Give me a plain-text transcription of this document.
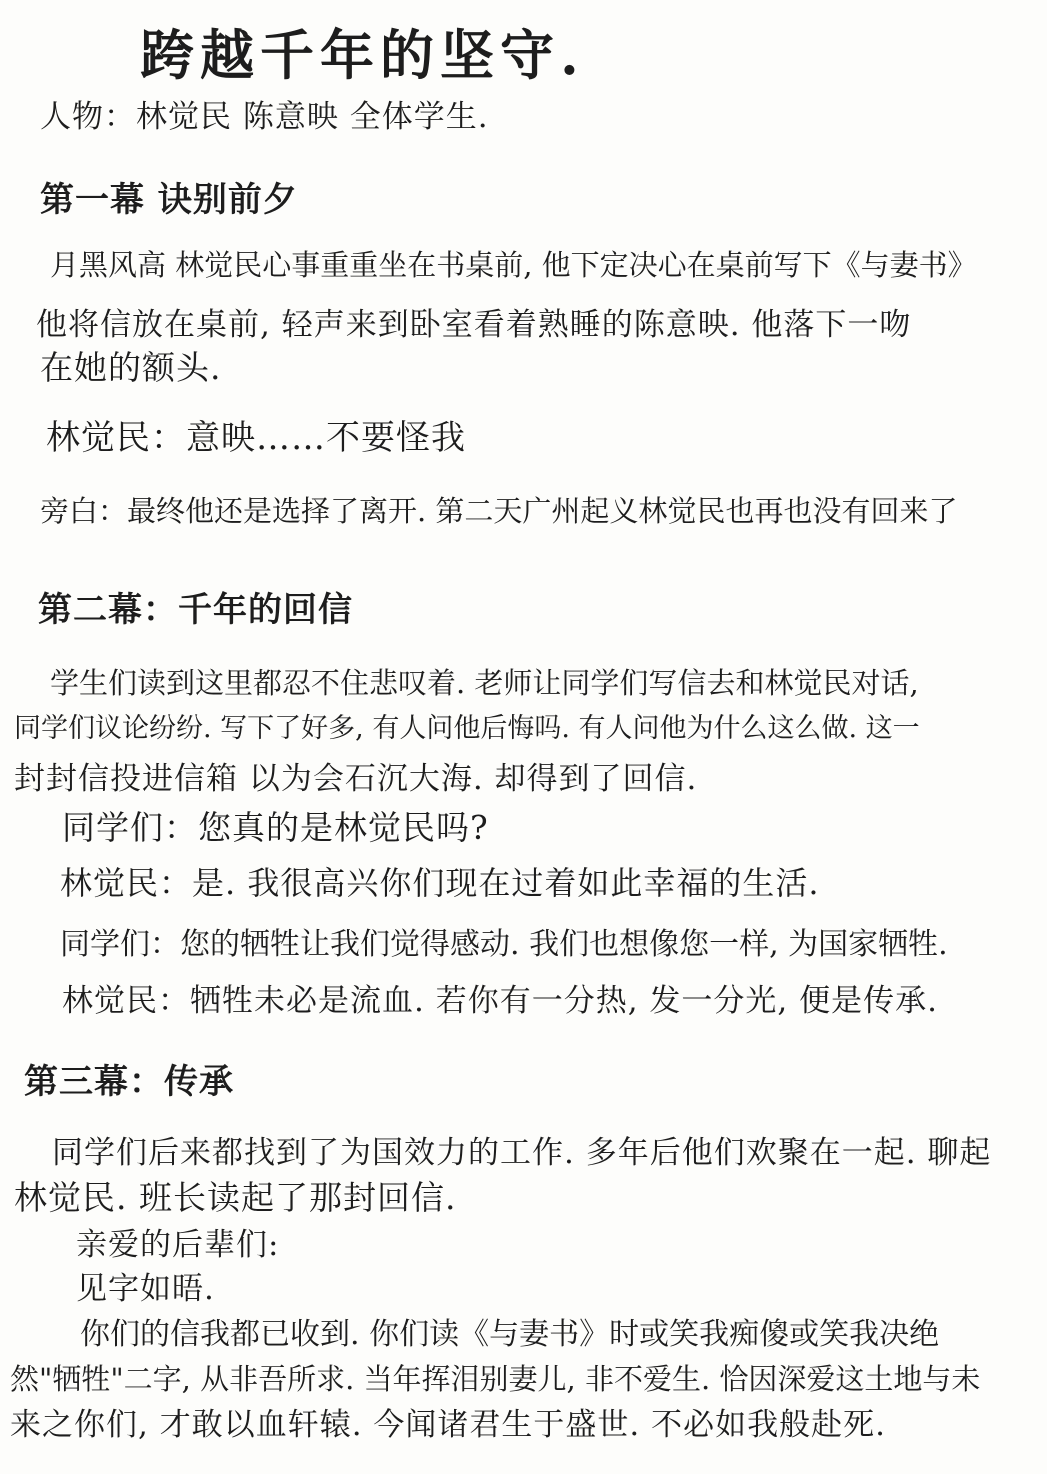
跨越千年的坚守.
人物：林觉民 陈意映 全体学生.
第一幕 诀别前夕
月黑风高 林觉民心事重重坐在书桌前, 他下定决心在桌前写下《与妻书》
他将信放在桌前, 轻声来到卧室看着熟睡的陈意映. 他落下一吻
在她的额头.
林觉民：意映……不要怪我
旁白：最终他还是选择了离开. 第二天广州起义林觉民也再也没有回来了
第二幕：千年的回信
学生们读到这里都忍不住悲叹着. 老师让同学们写信去和林觉民对话,
同学们议论纷纷. 写下了好多, 有人问他后悔吗. 有人问他为什么这么做. 这一
封封信投进信箱 以为会石沉大海. 却得到了回信.
同学们：您真的是林觉民吗?
林觉民：是. 我很高兴你们现在过着如此幸福的生活.
同学们：您的牺牲让我们觉得感动. 我们也想像您一样, 为国家牺牲.
林觉民：牺牲未必是流血. 若你有一分热, 发一分光, 便是传承.
第三幕：传承
同学们后来都找到了为国效力的工作. 多年后他们欢聚在一起. 聊起
林觉民. 班长读起了那封回信.
亲爱的后辈们:
见字如晤.
你们的信我都已收到. 你们读《与妻书》时或笑我痴傻或笑我决绝
然"牺牲"二字, 从非吾所求. 当年挥泪别妻儿, 非不爱生. 恰因深爱这土地与未
来之你们, 才敢以血轩辕. 今闻诸君生于盛世. 不必如我般赴死.
